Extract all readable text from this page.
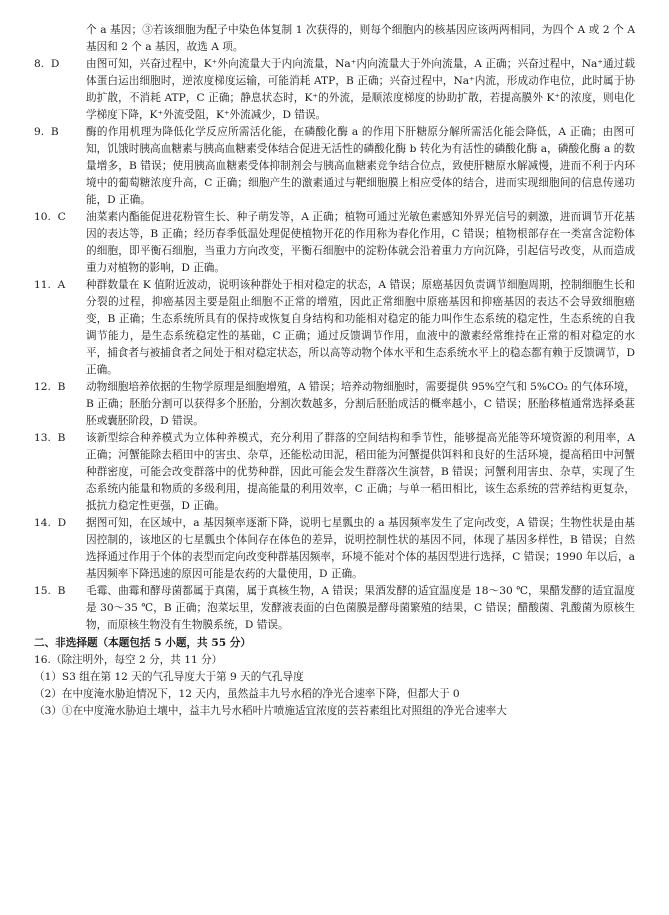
个 a 基因；③若该细胞为配子中染色体复制 1 次获得的，则每个细胞内的核基因应该两两相同，为四个 A 或 2 个 A 基因和 2 个 a 基因，故选 A 项。
8. D	由图可知，兴奋过程中，K⁺外向流量大于内向流量，Na⁺内向流量大于外向流量，A 正确；兴奋过程中，Na⁺通过载体蛋白运出细胞时，逆浓度梯度运输，可能消耗 ATP，B 正确；兴奋过程中，Na⁺内流，形成动作电位，此时属于协助扩散，不消耗 ATP，C 正确；静息状态时，K⁺的外流，是顺浓度梯度的协助扩散，若提高膜外 K⁺的浓度，则电化学梯度下降，K⁺外流受阻，K⁺外流减少，D 错误。
9. B	酶的作用机理为降低化学反应所需活化能，在磷酸化酶 a 的作用下肝糖原分解所需活化能会降低，A 正确；由图可知，饥饿时胰高血糖素与胰高血糖素受体结合促进无活性的磷酸化酶 b 转化为有活性的磷酸化酶 a，磷酸化酶 a 的数量增多，B 错误；使用胰高血糖素受体抑制剂会与胰高血糖素竞争结合位点，致使肝糖原水解减慢，进而不利于内环境中的葡萄糖浓度升高，C 正确；细胞产生的激素通过与靶细胞膜上相应受体的结合，进而实现细胞间的信息传递功能，D 正确。
10. C	油菜素内酯能促进花粉管生长、种子萌发等，A 正确；植物可通过光敏色素感知外界光信号的刺激，进而调节开花基因的表达等，B 正确；经历春季低温处理促使植物开花的作用称为春化作用，C 错误；植物根部存在一类富含淀粉体的细胞，即平衡石细胞，当重力方向改变，平衡石细胞中的淀粉体就会沿着重力方向沉降，引起信号改变，从而造成重力对植物的影响，D 正确。
11. A	种群数量在 K 值附近波动，说明该种群处于相对稳定的状态，A 错误；原癌基因负责调节细胞周期，控制细胞生长和分裂的过程，抑癌基因主要是阻止细胞不正常的增殖，因此正常细胞中原癌基因和抑癌基因的表达不会导致细胞癌变，B 正确；生态系统所具有的保持或恢复自身结构和功能相对稳定的能力叫作生态系统的稳定性，生态系统的自我调节能力，是生态系统稳定性的基础，C 正确；通过反馈调节作用，血液中的激素经常维持在正常的相对稳定的水平，捕食者与被捕食者之间处于相对稳定状态，所以高等动物个体水平和生态系统水平上的稳态都有赖于反馈调节，D 正确。
12. B	动物细胞培养依据的生物学原理是细胞增殖，A 错误；培养动物细胞时，需要提供 95%空气和 5%CO₂ 的气体环境，B 正确；胚胎分割可以获得多个胚胎，分割次数越多，分割后胚胎成活的概率越小，C 错误；胚胎移植通常选择桑葚胚或囊胚阶段，D 错误。
13. B	该新型综合种养模式为立体种养模式，充分利用了群落的空间结构和季节性，能够提高光能等环境资源的利用率，A 正确；河蟹能除去稻田中的害虫、杂草，还能松动田泥，稻田能为河蟹提供饵料和良好的生活环境，提高稻田中河蟹种群密度，可能会改变群落中的优势种群，因此可能会发生群落次生演替，B 错误；河蟹利用害虫、杂草，实现了生态系统内能量和物质的多级利用，提高能量的利用效率，C 正确；与单一稻田相比，该生态系统的营养结构更复杂，抵抗力稳定性更强，D 正确。
14. D	据图可知，在区域中，a 基因频率逐渐下降，说明七星瓢虫的 a 基因频率发生了定向改变，A 错误；生物性状是由基因控制的，该地区的七星瓢虫个体间存在体色的差异，说明控制性状的基因不同，体现了基因多样性，B 错误；自然选择通过作用于个体的表型而定向改变种群基因频率，环境不能对个体的基因型进行选择，C 错误；1990 年以后，a 基因频率下降迅速的原因可能是农药的大量使用，D 正确。
15. B	毛霉、曲霉和酵母菌都属于真菌，属于真核生物，A 错误；果酒发酵的适宜温度是 18～30 ℃，果醋发酵的适宜温度是 30～35 ℃，B 正确；泡菜坛里，发酵液表面的白色菌膜是酵母菌繁殖的结果，C 错误；醋酸菌、乳酸菌为原核生物，而原核生物没有生物膜系统，D 错误。
二、非选择题（本题包括 5 小题，共 55 分）
16.（除注明外，每空 2 分，共 11 分）
（1）S3 组在第 12 天的气孔导度大于第 9 天的气孔导度
（2）在中度淹水胁迫情况下，12 天内，虽然益丰九号水稻的净光合速率下降，但都大于 0
（3）①在中度淹水胁迫土壤中，益丰九号水稻叶片喷施适宜浓度的芸苔素组比对照组的净光合速率大
